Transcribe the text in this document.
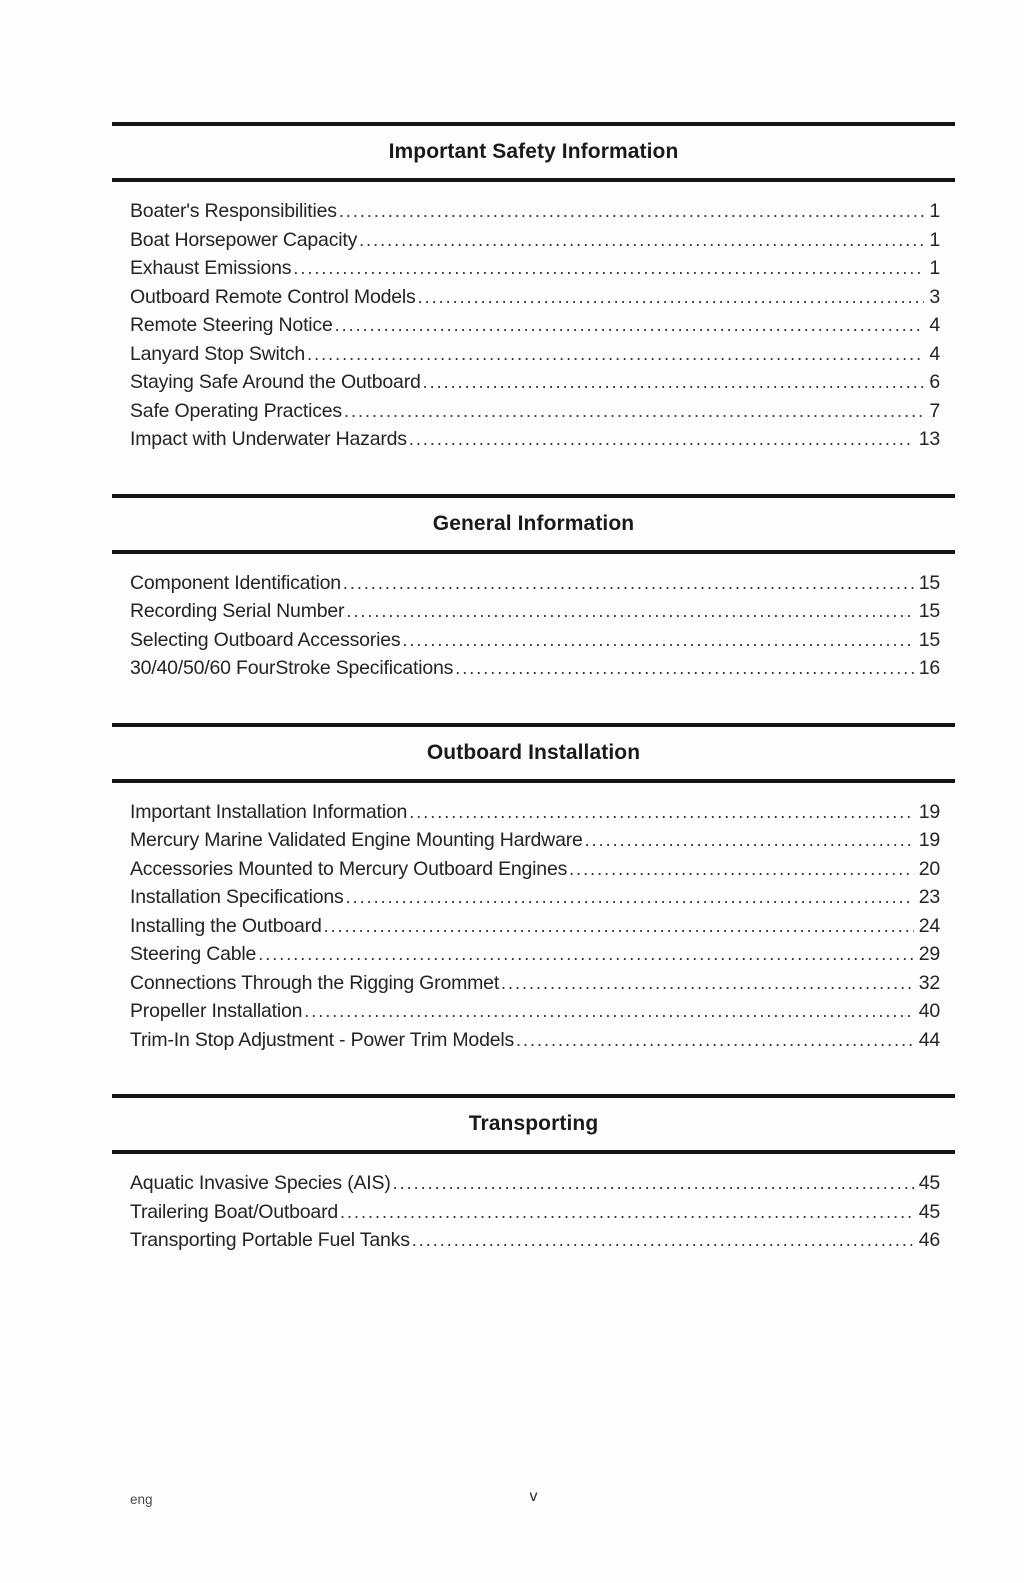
Important Safety Information
Boater's Responsibilities .....	1
Boat Horsepower Capacity .....	1
Exhaust Emissions .....	1
Outboard Remote Control Models .....	3
Remote Steering Notice .....	4
Lanyard Stop Switch .....	4
Staying Safe Around the Outboard .....	6
Safe Operating Practices .....	7
Impact with Underwater Hazards .....	13
General Information
Component Identification .....	15
Recording Serial Number .....	15
Selecting Outboard Accessories .....	15
30/40/50/60 FourStroke Specifications .....	16
Outboard Installation
Important Installation Information .....	19
Mercury Marine Validated Engine Mounting Hardware .....	19
Accessories Mounted to Mercury Outboard Engines .....	20
Installation Specifications .....	23
Installing the Outboard .....	24
Steering Cable .....	29
Connections Through the Rigging Grommet .....	32
Propeller Installation .....	40
Trim-In Stop Adjustment - Power Trim Models .....	44
Transporting
Aquatic Invasive Species (AIS) .....	45
Trailering Boat/Outboard .....	45
Transporting Portable Fuel Tanks .....	46
eng	v
